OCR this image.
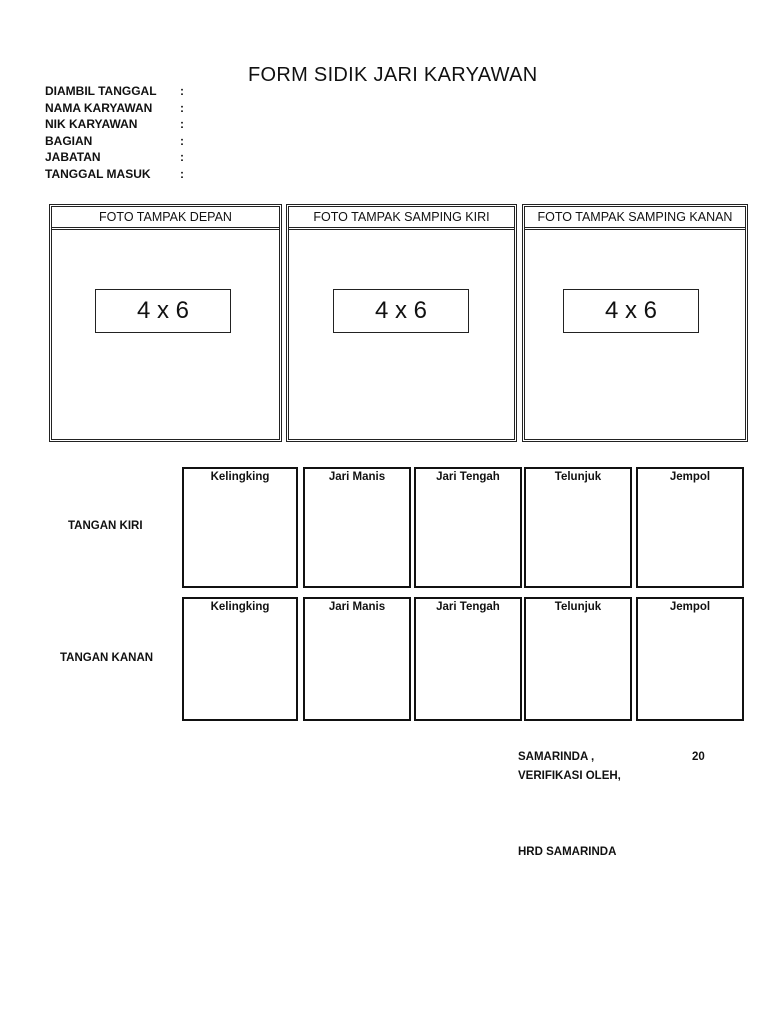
FORM SIDIK JARI KARYAWAN
DIAMBIL TANGGAL	:
NAMA KARYAWAN	:
NIK KARYAWAN	:
BAGIAN	:
JABATAN	:
TANGGAL MASUK	:
FOTO TAMPAK DEPAN
4 x 6
FOTO TAMPAK SAMPING KIRI
4 x 6
FOTO TAMPAK SAMPING KANAN
4 x 6
TANGAN KIRI
Kelingking	Jari Manis	Jari Tengah	Telunjuk	Jempol
TANGAN KANAN
Kelingking	Jari Manis	Jari Tengah	Telunjuk	Jempol
SAMARINDA ,	20
VERIFIKASI OLEH,
HRD SAMARINDA
